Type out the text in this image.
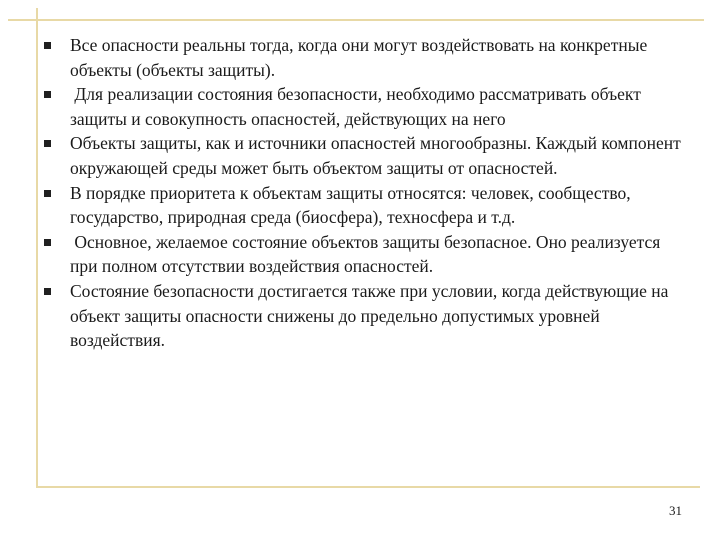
Все опасности реальны тогда, когда они могут воздействовать на конкретные объекты (объекты защиты).
Для реализации состояния безопасности, необходимо рассматривать объект защиты и совокупность опасностей, действующих на него
Объекты защиты, как и источники опасностей многообразны. Каждый компонент окружающей среды может быть объектом защиты от опасностей.
В порядке приоритета к объектам защиты относятся: человек, сообщество, государство, природная среда (биосфера), техносфера и т.д.
Основное, желаемое состояние объектов защиты безопасное. Оно реализуется при полном отсутствии воздействия опасностей.
Состояние безопасности достигается также при условии, когда действующие на объект защиты опасности снижены до предельно допустимых уровней воздействия.
31
